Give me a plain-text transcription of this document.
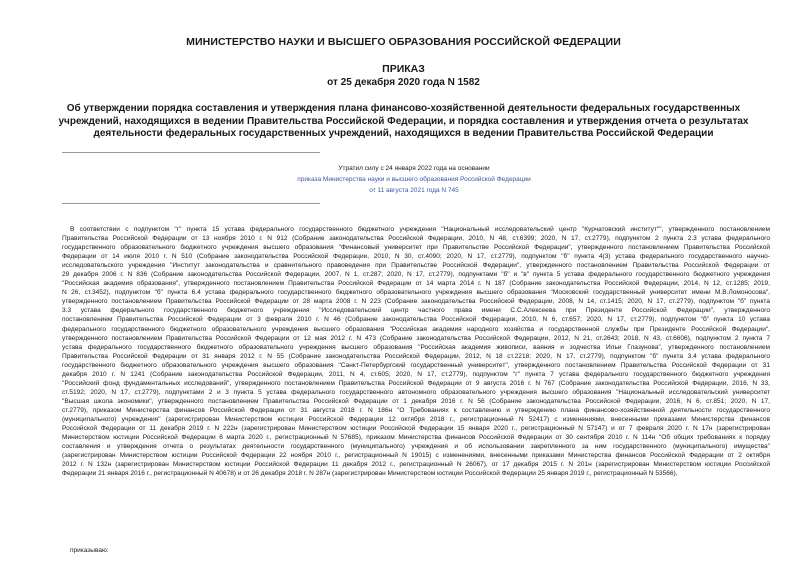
МИНИСТЕРСТВО НАУКИ И ВЫСШЕГО ОБРАЗОВАНИЯ РОССИЙСКОЙ ФЕДЕРАЦИИ
ПРИКАЗ
от 25 декабря 2020 года N 1582
Об утверждении порядка составления и утверждения плана финансово-хозяйственной деятельности федеральных государственных учреждений, находящихся в ведении Правительства Российской Федерации, и порядка составления и утверждения отчета о результатах деятельности федеральных государственных учреждений, находящихся в ведении Правительства Российской Федерации
Утратил силу с 24 января 2022 года на основании
приказа Министерства науки и высшего образования Российской Федерации
от 11 августа 2021 года N 745
В соответствии с подпунктом "г" пункта 15 устава федерального государственного бюджетного учреждения "Национальный исследовательский центр "Курчатовский институт"", утвержденного постановлением
Правительства Российской Федерации от 13 ноября 2010 г. N 912 (Собрание законодательства Российской Федерации, 2010, N 48, ст.6399; 2020, N 17, ст.2779), подпунктом 2 пункта 2.3 устава федерального
государственного образовательного бюджетного учреждения высшего образования "Финансовый университет при Правительстве Российской Федерации", утвержденного постановлением Правительства Российской
Федерации от 14 июля 2010 г. N 510 (Собрание законодательства Российской Федерации, 2010, N 30, ст.4090; 2020, N 17, ст.2779), подпунктом "б" пункта 4(3) устава федерального государственного научно-
исследовательского учреждения "Институт законодательства и сравнительного правоведения при Правительстве Российской Федерации", утвержденного постановлением Правительства Российской Федерации от
29 декабря 2006 г. N 836 (Собрание законодательства Российской Федерации, 2007, N 1, ст.287; 2020, N 17, ст.2779), подпунктами "б" и "в" пункта 5 устава федерального государственного бюджетного учреждения
"Российская академия образования", утвержденного постановлением Правительства Российской Федерации от 14 марта 2014 г. N 187 (Собрание законодательства Российской Федерации, 2014, N 12, ст.1285; 2019,
N 26, ст.3452), подпунктом "б" пункта 6.4 устава федерального государственного бюджетного образовательного учреждения высшего образования "Московский государственный университет имени М.В.Ломоносова",
утвержденного постановлением Правительства Российской Федерации от 28 марта 2008 г. N 223 (Собрание законодательства Российской Федерации, 2008, N 14, ст.1415; 2020, N 17, ст.2779), подпунктом "б" пункта
3.3 устава федерального государственного бюджетного учреждения "Исследовательский центр частного права имени С.С.Алексеева при Президенте Российской Федерации", утвержденного
постановлением Правительства Российской Федерации от 3 февраля 2010 г. N 46 (Собрание законодательства Российской Федерации, 2010, N 6, ст.657; 2020, N 17, ст.2779), подпунктом "б" пункта 10 устава
федерального государственного бюджетного образовательного учреждения высшего образования "Российская академия народного хозяйства и государственной службы при Президенте Российской Федерации",
утвержденного постановлением Правительства Российской Федерации от 12 мая 2012 г. N 473 (Собрание законодательства Российской Федерации, 2012, N 21, ст.2643; 2018, N 43, ст.6606), подпунктом 2 пункта 7
устава федерального государственного бюджетного образовательного учреждения высшего образования "Российская академия живописи, ваяния и зодчества Ильи Глазунова", утвержденного постановлением
Правительства Российской Федерации от 31 января 2012 г. N 55 (Собрание законодательства Российской Федерации, 2012, N 18 ст.2218; 2020, N 17, ст.2779), подпунктом "б" пункта 3.4 устава федерального
государственного бюджетного образовательного учреждения высшего образования "Санкт-Петербургский государственный университет", утвержденного постановлением Правительства Российской Федерации от 31
декабря 2010 г. N 1241 (Собрание законодательства Российской Федерации, 2011, N 4, ст.605; 2020, N 17, ст.2779), подпунктом "г" пункта 7 устава федерального государственного бюджетного учреждения
"Российский фонд фундаментальных исследований", утвержденного постановлением Правительства Российской Федерации от 9 августа 2016 г. N 767 (Собрание законодательства Российской Федерации, 2016, N 33,
ст.5192; 2020, N 17, ст.2779), подпунктами 2 и 3 пункта 5 устава федерального государственного автономного образовательного учреждения высшего образования "Национальный исследовательский университет
"Высшая школа экономики", утвержденного постановлением Правительства Российской Федерации от 1 декабря 2016 г. N 56 (Собрание законодательства Российской Федерации, 2016, N 6, ст.851; 2020, N 17,
ст.2779), приказом Министерства финансов Российской Федерации от 31 августа 2018 г. N 186н "О Требованиях к составлению и утверждению плана финансово-хозяйственной деятельности государственного
(муниципального) учреждения" (зарегистрирован Министерством юстиции Российской Федерации 12 октября 2018 г., регистрационный N 52417) с изменениями, внесенными приказами Министерства финансов
Российской Федерации от 11 декабря 2019 г. N 222н (зарегистрирован Министерством юстиции Российской Федерации 15 января 2020 г., регистрационный N 57147) и от 7 февраля 2020 г. N 17н (зарегистрирован
Министерством юстиции Российской Федерации 6 марта 2020 г., регистрационный N 57685), приказом Министерства финансов Российской Федерации от 30 сентября 2010 г. N 114н "Об общих требованиях к порядку
составления и утверждения отчета о результатах деятельности государственного (муниципального) учреждения и об использовании закрепленного за ним государственного (муниципального) имущества"
(зарегистрирован Министерством юстиции Российской Федерации 22 ноября 2010 г., регистрационный N 19015) с изменениями, внесенными приказами Министерства финансов Российской Федерации от 2 октября
2012 г. N 132н (зарегистрирован Министерством юстиции Российской Федерации 11 декабря 2012 г., регистрационный N 26067), от 17 декабря 2015 г. N 201н (зарегистрирован Министерством юстиции Российской
Федерации 21 января 2016 г., регистрационный N 40678) и от 26 декабря 2018 г. N 287н (зарегистрирован Министерством юстиции Российской Федерации 25 января 2019 г., регистрационный N 53566),
приказываю:
